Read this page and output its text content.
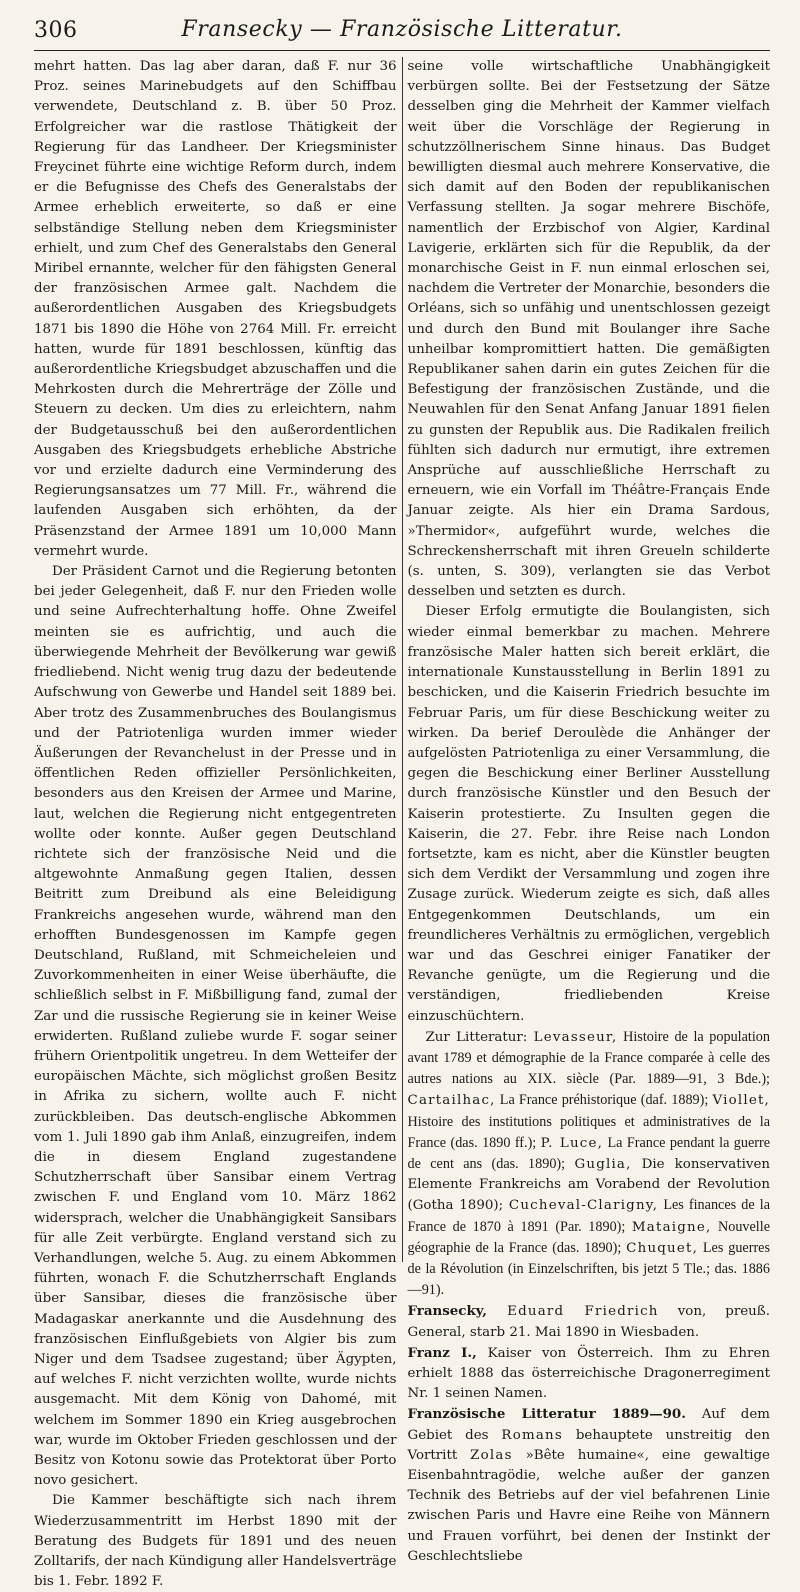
306	Fransecky — Französische Litteratur.

mehrt hatten. Das lag aber daran, daß F. nur 36 Proz. seines Marinebudgets auf den Schiffbau verwendete, Deutschland z. B. über 50 Proz. Erfolgreicher war die rastlose Thätigkeit der Regierung für das Landheer. Der Kriegsminister Freycinet führte eine wichtige Reform durch, indem er die Befugnisse des Chefs des Generalstabs der Armee erheblich erweiterte, so daß er eine selbständige Stellung neben dem Kriegsminister erhielt, und zum Chef des Generalstabs den General Miribel ernannte, welcher für den fähigsten General der französischen Armee galt. Nachdem die außerordentlichen Ausgaben des Kriegsbudgets 1871 bis 1890 die Höhe von 2764 Mill. Fr. erreicht hatten, wurde für 1891 beschlossen, künftig das außerordentliche Kriegsbudget abzuschaffen und die Mehrkosten durch die Mehrerträge der Zölle und Steuern zu decken. Um dies zu erleichtern, nahm der Budgetausschuß bei den außerordentlichen Ausgaben des Kriegsbudgets erhebliche Abstriche vor und erzielte dadurch eine Verminderung des Regierungsansatzes um 77 Mill. Fr., während die laufenden Ausgaben sich erhöhten, da der Präsenzstand der Armee 1891 um 10,000 Mann vermehrt wurde.

Der Präsident Carnot und die Regierung betonten bei jeder Gelegenheit, daß F. nur den Frieden wolle und seine Aufrechterhaltung hoffe. Ohne Zweifel meinten sie es aufrichtig, und auch die überwiegende Mehrheit der Bevölkerung war gewiß friedliebend. Nicht wenig trug dazu der bedeutende Aufschwung von Gewerbe und Handel seit 1889 bei. Aber trotz des Zusammenbruches des Boulangismus und der Patriotenliga wurden immer wieder Äußerungen der Revanchelust in der Presse und in öffentlichen Reden offizieller Persönlichkeiten, besonders aus den Kreisen der Armee und Marine, laut, welchen die Regierung nicht entgegentreten wollte oder konnte. Außer gegen Deutschland richtete sich der französische Neid und die altgewohnte Anmaßung gegen Italien, dessen Beitritt zum Dreibund als eine Beleidigung Frankreichs angesehen wurde, während man den erhofften Bundesgenossen im Kampfe gegen Deutschland, Rußland, mit Schmeicheleien und Zuvorkommenheiten in einer Weise überhäufte, die schließlich selbst in F. Mißbilligung fand, zumal der Zar und die russische Regierung sie in keiner Weise erwiderten. Rußland zuliebe wurde F. sogar seiner frühern Orientpolitik ungetreu. In dem Wetteifer der europäischen Mächte, sich möglichst großen Besitz in Afrika zu sichern, wollte auch F. nicht zurückbleiben. Das deutsch-englische Abkommen vom 1. Juli 1890 gab ihm Anlaß, einzugreifen, indem die in diesem England zugestandene Schutzherrschaft über Sansibar einem Vertrag zwischen F. und England vom 10. März 1862 widersprach, welcher die Unabhängigkeit Sansibars für alle Zeit verbürgte. England verstand sich zu Verhandlungen, welche 5. Aug. zu einem Abkommen führten, wonach F. die Schutzherrschaft Englands über Sansibar, dieses die französische über Madagaskar anerkannte und die Ausdehnung des französischen Einflußgebiets von Algier bis zum Niger und dem Tsadsee zugestand; über Ägypten, auf welches F. nicht verzichten wollte, wurde nichts ausgemacht. Mit dem König von Dahomé, mit welchem im Sommer 1890 ein Krieg ausgebrochen war, wurde im Oktober Frieden geschlossen und der Besitz von Kotonu sowie das Protektorat über Porto novo gesichert.

Die Kammer beschäftigte sich nach ihrem Wiederzusammentritt im Herbst 1890 mit der Beratung des Budgets für 1891 und des neuen Zolltarifs, der nach Kündigung aller Handelsverträge bis 1. Febr. 1892 F.

seine volle wirtschaftliche Unabhängigkeit verbürgen sollte. Bei der Festsetzung der Sätze desselben ging die Mehrheit der Kammer vielfach weit über die Vorschläge der Regierung in schutzzöllnerischem Sinne hinaus. Das Budget bewilligten diesmal auch mehrere Konservative, die sich damit auf den Boden der republikanischen Verfassung stellten. Ja sogar mehrere Bischöfe, namentlich der Erzbischof von Algier, Kardinal Lavigerie, erklärten sich für die Republik, da der monarchische Geist in F. nun einmal erloschen sei, nachdem die Vertreter der Monarchie, besonders die Orléans, sich so unfähig und unentschlossen gezeigt und durch den Bund mit Boulanger ihre Sache unheilbar kompromittiert hatten. Die gemäßigten Republikaner sahen darin ein gutes Zeichen für die Befestigung der französischen Zustände, und die Neuwahlen für den Senat Anfang Januar 1891 fielen zu gunsten der Republik aus. Die Radikalen freilich fühlten sich dadurch nur ermutigt, ihre extremen Ansprüche auf ausschließliche Herrschaft zu erneuern, wie ein Vorfall im Théâtre-Français Ende Januar zeigte. Als hier ein Drama Sardous, »Thermidor«, aufgeführt wurde, welches die Schreckensherrschaft mit ihren Greueln schilderte (s. unten, S. 309), verlangten sie das Verbot desselben und setzten es durch.

Dieser Erfolg ermutigte die Boulangisten, sich wieder einmal bemerkbar zu machen. Mehrere französische Maler hatten sich bereit erklärt, die internationale Kunstausstellung in Berlin 1891 zu beschicken, und die Kaiserin Friedrich besuchte im Februar Paris, um für diese Beschickung weiter zu wirken. Da berief Deroulède die Anhänger der aufgelösten Patriotenliga zu einer Versammlung, die gegen die Beschickung einer Berliner Ausstellung durch französische Künstler und den Besuch der Kaiserin protestierte. Zu Insulten gegen die Kaiserin, die 27. Febr. ihre Reise nach London fortsetzte, kam es nicht, aber die Künstler beugten sich dem Verdikt der Versammlung und zogen ihre Zusage zurück. Wiederum zeigte es sich, daß alles Entgegenkommen Deutschlands, um ein freundlicheres Verhältnis zu ermöglichen, vergeblich war und das Geschrei einiger Fanatiker der Revanche genügte, um die Regierung und die verständigen, friedliebenden Kreise einzuschüchtern.

Zur Litteratur: Levasseur, Histoire de la population avant 1789 et démographie de la France comparée à celle des autres nations au XIX. siècle (Par. 1889—91, 3 Bde.); Cartailhac, La France préhistorique (daf. 1889); Viollet, Histoire des institutions politiques et administratives de la France (das. 1890 ff.); P. Luce, La France pendant la guerre de cent ans (das. 1890); Guglia, Die konservativen Elemente Frankreichs am Vorabend der Revolution (Gotha 1890); Cucheval-Clarigny, Les finances de la France de 1870 à 1891 (Par. 1890); Mataigne, Nouvelle géographie de la France (das. 1890); Chuquet, Les guerres de la Révolution (in Einzelschriften, bis jetzt 5 Tle.; das. 1886—91).

Fransecky, Eduard Friedrich von, preuß. General, starb 21. Mai 1890 in Wiesbaden.

Franz I., Kaiser von Österreich. Ihm zu Ehren erhielt 1888 das österreichische Dragonerregiment Nr. 1 seinen Namen.

Französische Litteratur 1889—90. Auf dem Gebiet des Romans behauptete unstreitig den Vortritt Zolas »Bête humaine«, eine gewaltige Eisenbahntragödie, welche außer der ganzen Technik des Betriebs auf der viel befahrenen Linie zwischen Paris und Havre eine Reihe von Männern und Frauen vorführt, bei denen der Instinkt der Geschlechtsliebe
